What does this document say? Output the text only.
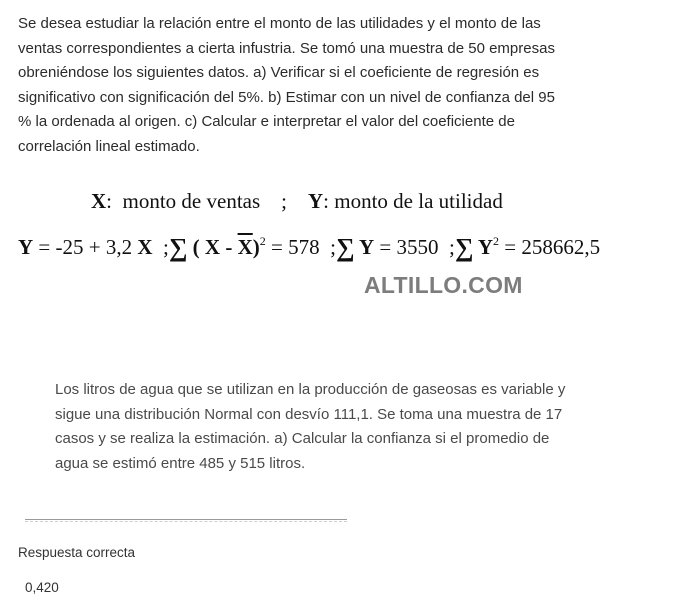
Se desea estudiar la relación entre el monto de las utilidades y el monto de las
ventas correspondientes a cierta infustria. Se tomó una muestra de 50 empresas
obreniéndose los siguientes datos. a) Verificar si el coeficiente de regresión es
significativo con significación del 5%. b) Estimar con un nivel de confianza del 95
% la ordenada al origen. c) Calcular e interpretar el valor del coeficiente de
correlación lineal estimado.
X:  monto de ventas ; Y: monto de la utilidad
Y = -25 + 3,2 X ;∑ ( $X - \overline{X})^2 = 578$ ;∑ Y = 3550 ;∑ $Y^2 = 258662,5$
ALTILLO.COM
Los litros de agua que se utilizan en la producción de gaseosas es variable y
sigue una distribución Normal con desvío 111,1. Se toma una muestra de 17
casos y se realiza la estimación. a) Calcular la confianza si el promedio de
agua se estimó entre 485 y 515 litros.
Respuesta correcta
0,420
